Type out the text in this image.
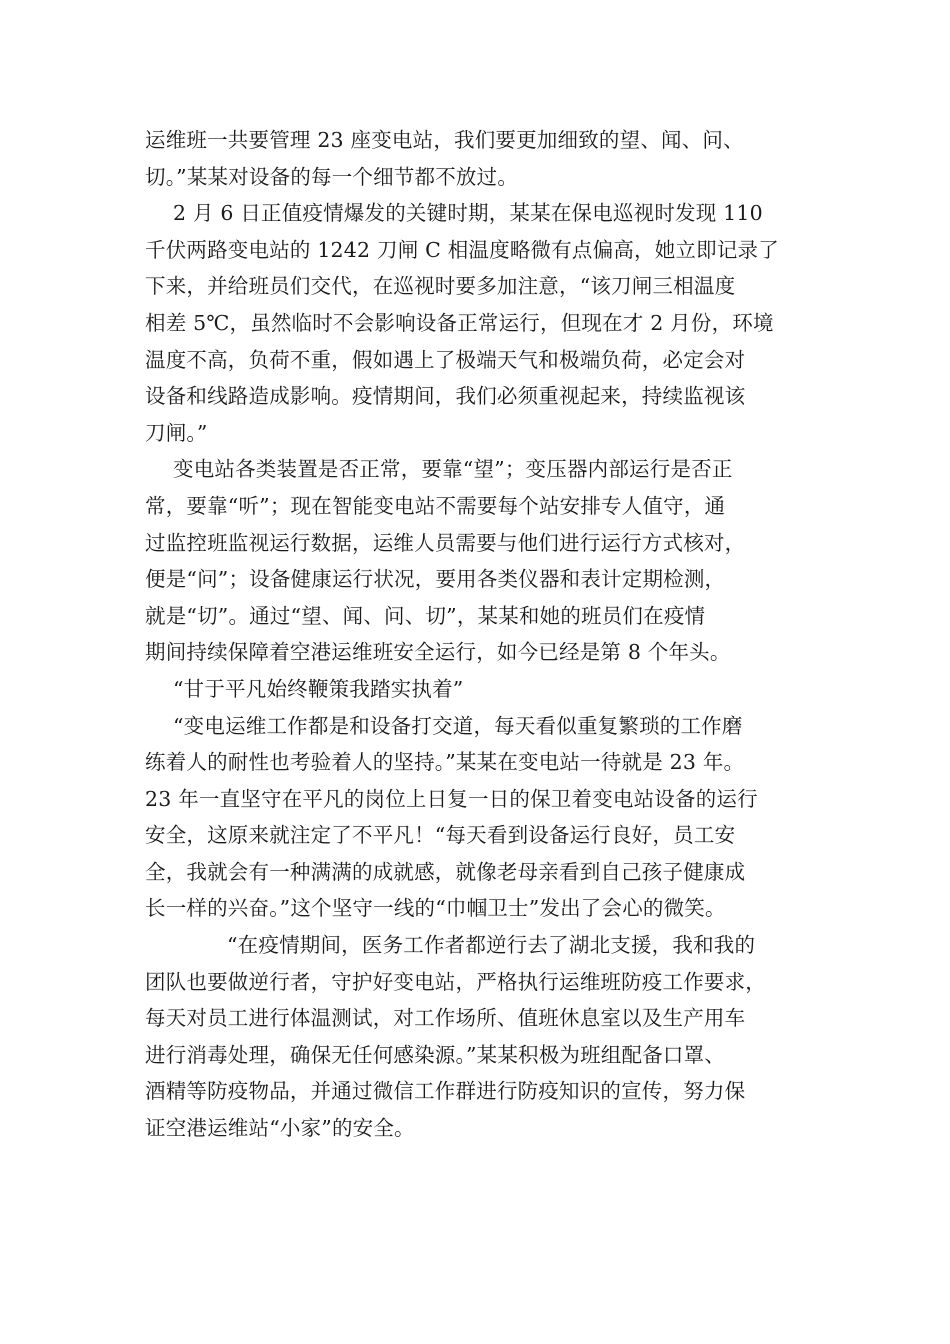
运维班一共要管理 23 座变电站，我们要更加细致的望、闻、问、
切。”某某对设备的每一个细节都不放过。
2 月 6 日正值疫情爆发的关键时期，某某在保电巡视时发现 110
千伏两路变电站的 1242 刀闸 C 相温度略微有点偏高，她立即记录了
下来，并给班员们交代，在巡视时要多加注意，“该刀闸三相温度
相差 5℃，虽然临时不会影响设备正常运行，但现在才 2 月份，环境
温度不高，负荷不重，假如遇上了极端天气和极端负荷，必定会对
设备和线路造成影响。疫情期间，我们必须重视起来，持续监视该
刀闸。”
变电站各类装置是否正常，要靠“望”；变压器内部运行是否正
常，要靠“听”；现在智能变电站不需要每个站安排专人值守，通
过监控班监视运行数据，运维人员需要与他们进行运行方式核对，
便是“问”；设备健康运行状况，要用各类仪器和表计定期检测，
就是“切”。通过“望、闻、问、切”，某某和她的班员们在疫情
期间持续保障着空港运维班安全运行，如今已经是第 8 个年头。
“甘于平凡始终鞭策我踏实执着”
“变电运维工作都是和设备打交道，每天看似重复繁琐的工作磨
练着人的耐性也考验着人的坚持。”某某在变电站一待就是 23 年。
23 年一直坚守在平凡的岗位上日复一日的保卫着变电站设备的运行
安全，这原来就注定了不平凡！“每天看到设备运行良好，员工安
全，我就会有一种满满的成就感，就像老母亲看到自己孩子健康成
长一样的兴奋。”这个坚守一线的“巾帼卫士”发出了会心的微笑。
“在疫情期间，医务工作者都逆行去了湖北支援，我和我的
团队也要做逆行者，守护好变电站，严格执行运维班防疫工作要求，
每天对员工进行体温测试，对工作场所、值班休息室以及生产用车
进行消毒处理，确保无任何感染源。”某某积极为班组配备口罩、
酒精等防疫物品，并通过微信工作群进行防疫知识的宣传，努力保
证空港运维站“小家”的安全。
